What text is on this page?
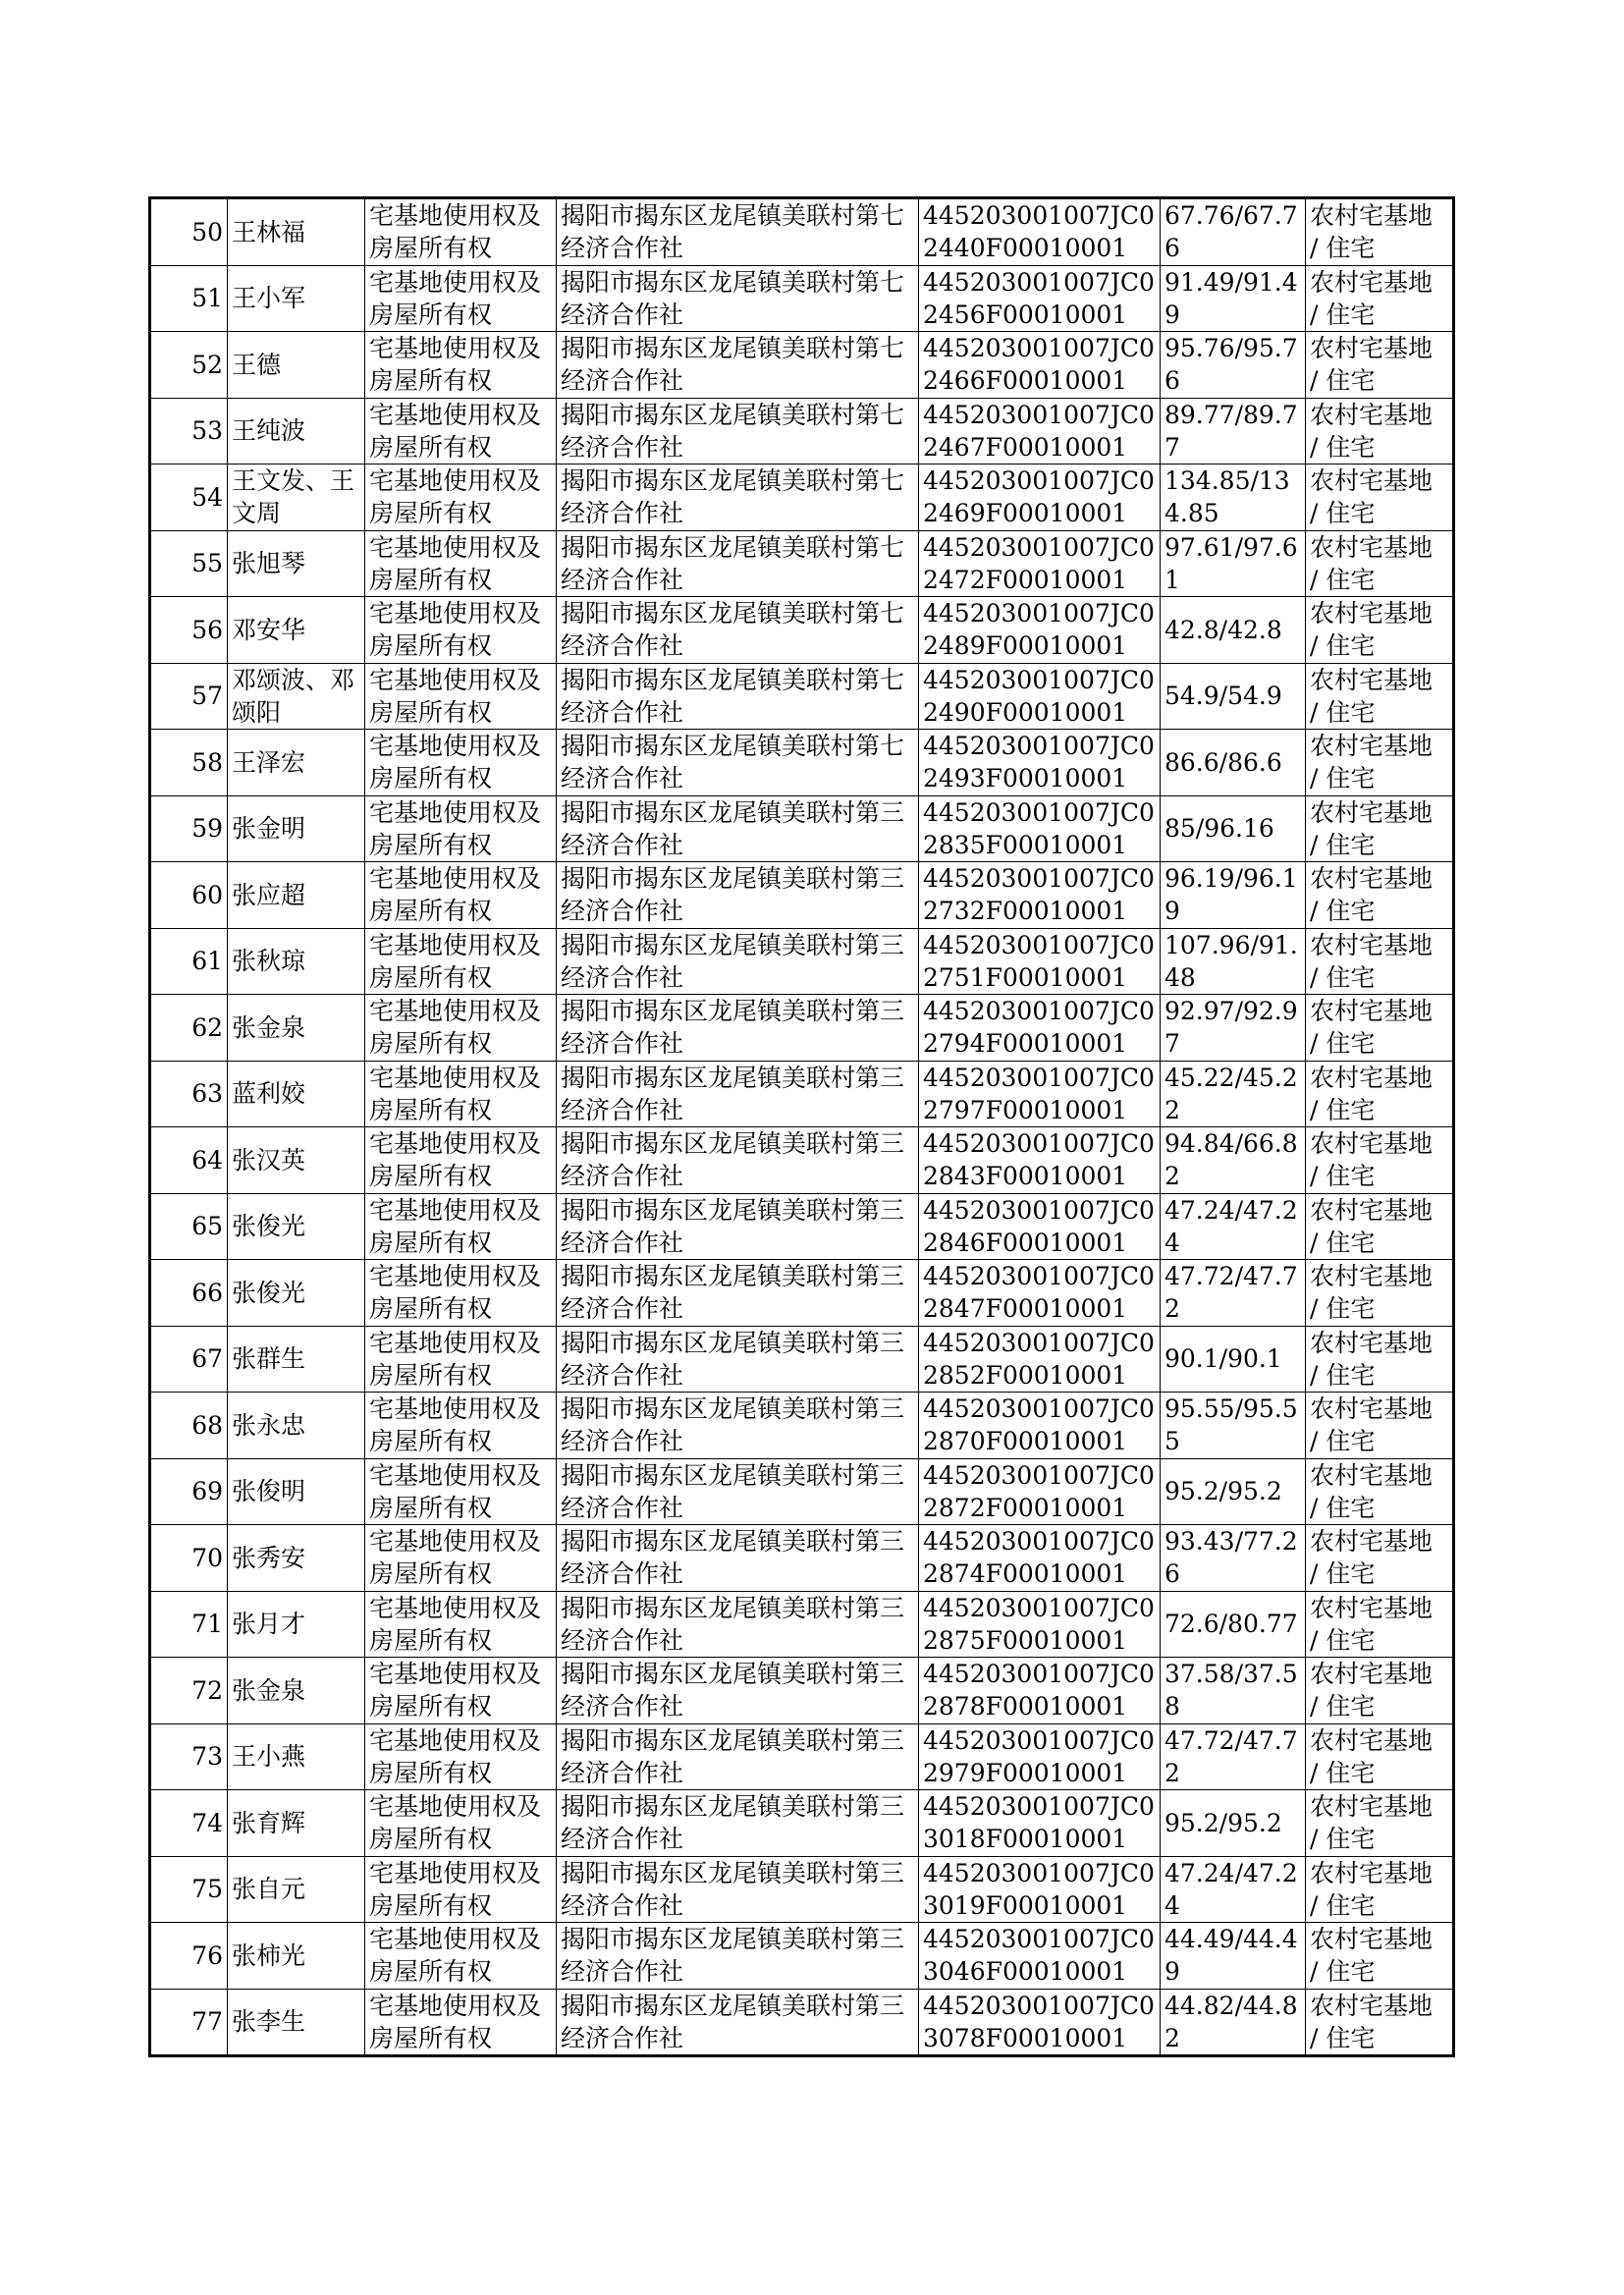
50	王林福	宅基地使用权及房屋所有权	揭阳市揭东区龙尾镇美联村第七经济合作社	445203001007JC02440F00010001	67.76/67.76	农村宅基地 / 住宅
51	王小军	宅基地使用权及房屋所有权	揭阳市揭东区龙尾镇美联村第七经济合作社	445203001007JC02456F00010001	91.49/91.49	农村宅基地 / 住宅
52	王德	宅基地使用权及房屋所有权	揭阳市揭东区龙尾镇美联村第七经济合作社	445203001007JC02466F00010001	95.76/95.76	农村宅基地 / 住宅
53	王纯波	宅基地使用权及房屋所有权	揭阳市揭东区龙尾镇美联村第七经济合作社	445203001007JC02467F00010001	89.77/89.77	农村宅基地 / 住宅
54	王文发、王文周	宅基地使用权及房屋所有权	揭阳市揭东区龙尾镇美联村第七经济合作社	445203001007JC02469F00010001	134.85/134.85	农村宅基地 / 住宅
55	张旭琴	宅基地使用权及房屋所有权	揭阳市揭东区龙尾镇美联村第七经济合作社	445203001007JC02472F00010001	97.61/97.61	农村宅基地 / 住宅
56	邓安华	宅基地使用权及房屋所有权	揭阳市揭东区龙尾镇美联村第七经济合作社	445203001007JC02489F00010001	42.8/42.8	农村宅基地 / 住宅
57	邓颂波、邓颂阳	宅基地使用权及房屋所有权	揭阳市揭东区龙尾镇美联村第七经济合作社	445203001007JC02490F00010001	54.9/54.9	农村宅基地 / 住宅
58	王泽宏	宅基地使用权及房屋所有权	揭阳市揭东区龙尾镇美联村第七经济合作社	445203001007JC02493F00010001	86.6/86.6	农村宅基地 / 住宅
59	张金明	宅基地使用权及房屋所有权	揭阳市揭东区龙尾镇美联村第三经济合作社	445203001007JC02835F00010001	85/96.16	农村宅基地 / 住宅
60	张应超	宅基地使用权及房屋所有权	揭阳市揭东区龙尾镇美联村第三经济合作社	445203001007JC02732F00010001	96.19/96.19	农村宅基地 / 住宅
61	张秋琼	宅基地使用权及房屋所有权	揭阳市揭东区龙尾镇美联村第三经济合作社	445203001007JC02751F00010001	107.96/91.48	农村宅基地 / 住宅
62	张金泉	宅基地使用权及房屋所有权	揭阳市揭东区龙尾镇美联村第三经济合作社	445203001007JC02794F00010001	92.97/92.97	农村宅基地 / 住宅
63	蓝利姣	宅基地使用权及房屋所有权	揭阳市揭东区龙尾镇美联村第三经济合作社	445203001007JC02797F00010001	45.22/45.22	农村宅基地 / 住宅
64	张汉英	宅基地使用权及房屋所有权	揭阳市揭东区龙尾镇美联村第三经济合作社	445203001007JC02843F00010001	94.84/66.82	农村宅基地 / 住宅
65	张俊光	宅基地使用权及房屋所有权	揭阳市揭东区龙尾镇美联村第三经济合作社	445203001007JC02846F00010001	47.24/47.24	农村宅基地 / 住宅
66	张俊光	宅基地使用权及房屋所有权	揭阳市揭东区龙尾镇美联村第三经济合作社	445203001007JC02847F00010001	47.72/47.72	农村宅基地 / 住宅
67	张群生	宅基地使用权及房屋所有权	揭阳市揭东区龙尾镇美联村第三经济合作社	445203001007JC02852F00010001	90.1/90.1	农村宅基地 / 住宅
68	张永忠	宅基地使用权及房屋所有权	揭阳市揭东区龙尾镇美联村第三经济合作社	445203001007JC02870F00010001	95.55/95.55	农村宅基地 / 住宅
69	张俊明	宅基地使用权及房屋所有权	揭阳市揭东区龙尾镇美联村第三经济合作社	445203001007JC02872F00010001	95.2/95.2	农村宅基地 / 住宅
70	张秀安	宅基地使用权及房屋所有权	揭阳市揭东区龙尾镇美联村第三经济合作社	445203001007JC02874F00010001	93.43/77.26	农村宅基地 / 住宅
71	张月才	宅基地使用权及房屋所有权	揭阳市揭东区龙尾镇美联村第三经济合作社	445203001007JC02875F00010001	72.6/80.77	农村宅基地 / 住宅
72	张金泉	宅基地使用权及房屋所有权	揭阳市揭东区龙尾镇美联村第三经济合作社	445203001007JC02878F00010001	37.58/37.58	农村宅基地 / 住宅
73	王小燕	宅基地使用权及房屋所有权	揭阳市揭东区龙尾镇美联村第三经济合作社	445203001007JC02979F00010001	47.72/47.72	农村宅基地 / 住宅
74	张育辉	宅基地使用权及房屋所有权	揭阳市揭东区龙尾镇美联村第三经济合作社	445203001007JC03018F00010001	95.2/95.2	农村宅基地 / 住宅
75	张自元	宅基地使用权及房屋所有权	揭阳市揭东区龙尾镇美联村第三经济合作社	445203001007JC03019F00010001	47.24/47.24	农村宅基地 / 住宅
76	张柿光	宅基地使用权及房屋所有权	揭阳市揭东区龙尾镇美联村第三经济合作社	445203001007JC03046F00010001	44.49/44.49	农村宅基地 / 住宅
77	张李生	宅基地使用权及房屋所有权	揭阳市揭东区龙尾镇美联村第三经济合作社	445203001007JC03078F00010001	44.82/44.82	农村宅基地 / 住宅
